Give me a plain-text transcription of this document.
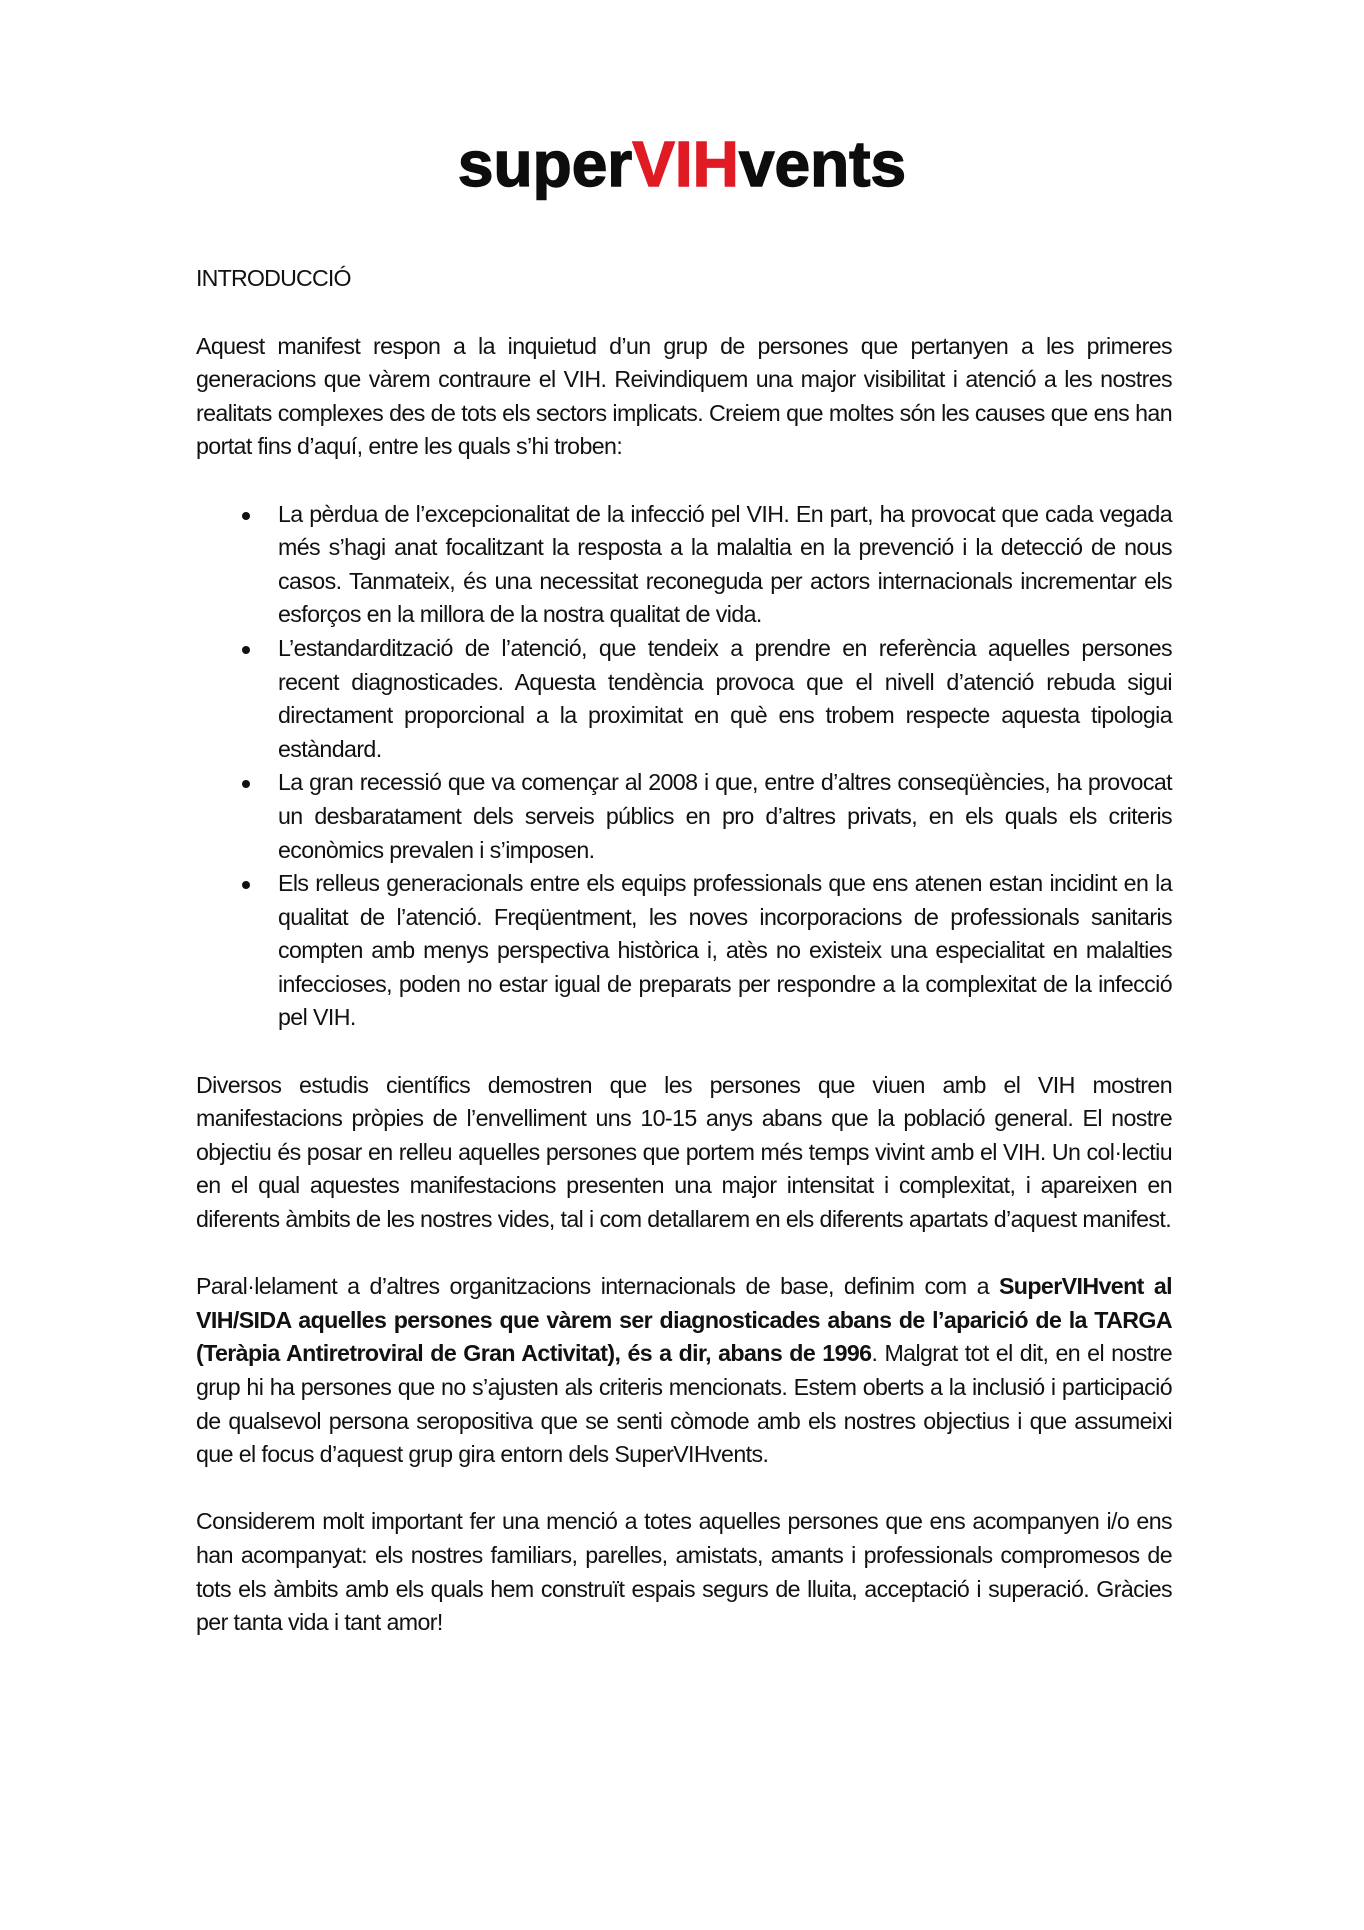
superVIHvents
INTRODUCCIÓ

Aquest manifest respon a la inquietud d’un grup de persones que pertanyen a les primeres generacions que vàrem contraure el VIH. Reivindiquem una major visibilitat i atenció a les nostres realitats complexes des de tots els sectors implicats. Creiem que moltes són les causes que ens han portat fins d’aquí, entre les quals s’hi troben:

La pèrdua de l’excepcionalitat de la infecció pel VIH. En part, ha provocat que cada vegada més s’hagi anat focalitzant la resposta a la malaltia en la prevenció i la detecció de nous casos. Tanmateix, és una necessitat reconeguda per actors internacionals incrementar els esforços en la millora de la nostra qualitat de vida.
L’estandardització de l’atenció, que tendeix a prendre en referència aquelles persones recent diagnosticades. Aquesta tendència provoca que el nivell d’atenció rebuda sigui directament proporcional a la proximitat en què ens trobem respecte aquesta tipologia estàndard.
La gran recessió que va començar al 2008 i que, entre d’altres conseqüències, ha provocat un desbaratament dels serveis públics en pro d’altres privats, en els quals els criteris econòmics prevalen i s’imposen.
Els relleus generacionals entre els equips professionals que ens atenen estan incidint en la qualitat de l’atenció. Freqüentment, les noves incorporacions de professionals sanitaris compten amb menys perspectiva històrica i, atès no existeix una especialitat en malalties infeccioses, poden no estar igual de preparats per respondre a la complexitat de la infecció pel VIH.

Diversos estudis científics demostren que les persones que viuen amb el VIH mostren manifestacions pròpies de l’envelliment uns 10-15 anys abans que la població general. El nostre objectiu és posar en relleu aquelles persones que portem més temps vivint amb el VIH. Un col·lectiu en el qual aquestes manifestacions presenten una major intensitat i complexitat, i apareixen en diferents àmbits de les nostres vides, tal i com detallarem en els diferents apartats d’aquest manifest.

Paral·lelament a d’altres organitzacions internacionals de base, definim com a SuperVIHvent al VIH/SIDA aquelles persones que vàrem ser diagnosticades abans de l’aparició de la TARGA (Teràpia Antiretroviral de Gran Activitat), és a dir, abans de 1996. Malgrat tot el dit, en el nostre grup hi ha persones que no s’ajusten als criteris mencionats. Estem oberts a la inclusió i participació de qualsevol persona seropositiva que se senti còmode amb els nostres objectius i que assumeixi que el focus d’aquest grup gira entorn dels SuperVIHvents.

Considerem molt important fer una menció a totes aquelles persones que ens acompanyen i/o ens han acompanyat: els nostres familiars, parelles, amistats, amants i professionals compromesos de tots els àmbits amb els quals hem construït espais segurs de lluita, acceptació i superació. Gràcies per tanta vida i tant amor!
